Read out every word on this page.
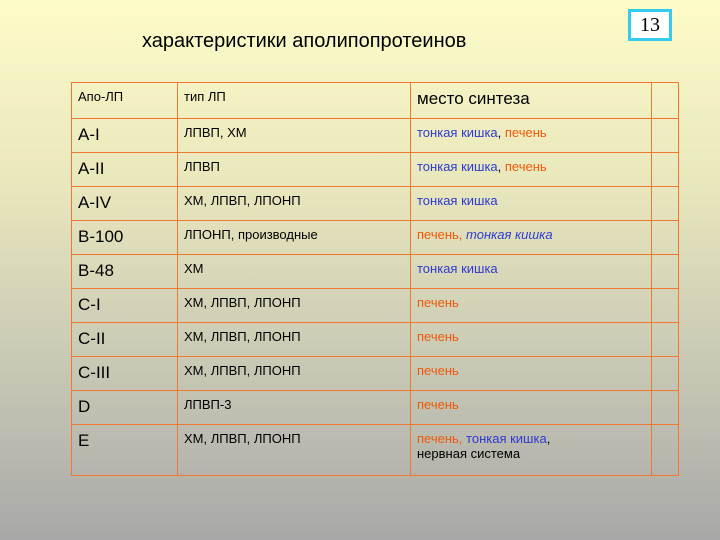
характеристики аполипопротеинов
13
Апо-ЛП	тип ЛП	место синтеза	
A-I	ЛПВП, ХМ	тонкая кишка, печень	
A-II	ЛПВП	тонкая кишка, печень	
A-IV	ХМ, ЛПВП, ЛПОНП	тонкая кишка	
B-100	ЛПОНП, производные	печень, тонкая кишка	
B-48	ХМ	тонкая кишка	
C-I	ХМ, ЛПВП, ЛПОНП	печень	
C-II	ХМ, ЛПВП, ЛПОНП	печень	
C-III	ХМ, ЛПВП, ЛПОНП	печень	
D	ЛПВП-3	печень	
E	ХМ, ЛПВП, ЛПОНП	печень, тонкая кишка,
нервная система	
